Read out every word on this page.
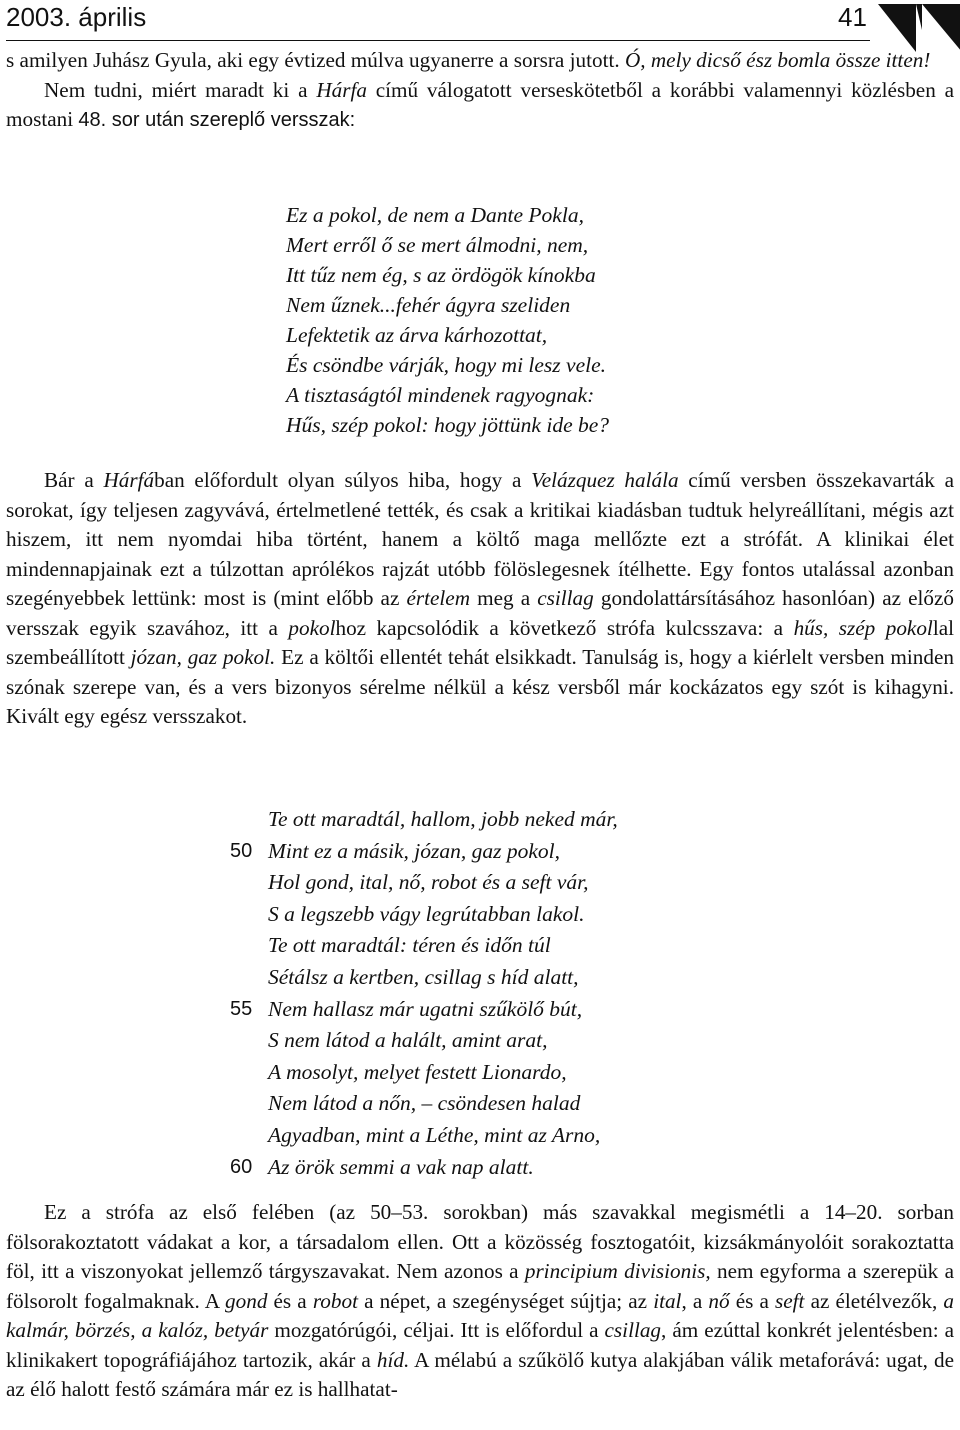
2003. április	41

s amilyen Juhász Gyula, aki egy évtized múlva ugyanerre a sorsra jutott. Ó, mely dicső ész bomla össze itten!

Nem tudni, miért maradt ki a Hárfa című válogatott verseskötetből a korábbi valamennyi közlésben a mostani 48. sor után szereplő versszak:

Ez a pokol, de nem a Dante Pokla,
Mert erről ő se mert álmodni, nem,
Itt tűz nem ég, s az ördögök kínokba
Nem űznek...fehér ágyra szeliden
Lefektetik az árva kárhozottat,
És csöndbe várják, hogy mi lesz vele.
A tisztaságtól mindenek ragyognak:
Hűs, szép pokol: hogy jöttünk ide be?

Bár a Hárfában előfordult olyan súlyos hiba, hogy a Velázquez halála című versben összekavarták a sorokat, így teljesen zagyvává, értelmetlené tették, és csak a kritikai kiadásban tudtuk helyreállítani, mégis azt hiszem, itt nem nyomdai hiba történt, hanem a költő maga mellőzte ezt a strófát. A klinikai élet mindennapjainak ezt a túlzottan aprólékos rajzát utóbb fölöslegesnek ítélhette. Egy fontos utalással azonban szegényebbek lettünk: most is (mint előbb az értelem meg a csillag gondolattársításához hasonlóan) az előző versszak egyik szavához, itt a pokolhoz kapcsolódik a következő strófa kulcsszava: a hűs, szép pokollal szembeállított józan, gaz pokol. Ez a költői ellentét tehát elsikkadt. Tanulság is, hogy a kiérlelt versben minden szónak szerepe van, és a vers bizonyos sérelme nélkül a kész versből már kockázatos egy szót is kihagyni. Kivált egy egész versszakot.

Te ott maradtál, hallom, jobb neked már,
50 Mint ez a másik, józan, gaz pokol,
Hol gond, ital, nő, robot és a seft vár,
S a legszebb vágy legrútabban lakol.
Te ott maradtál: téren és időn túl
Sétálsz a kertben, csillag s híd alatt,
55 Nem hallasz már ugatni szűkölő bút,
S nem látod a halált, amint arat,
A mosolyt, melyet festett Lionardo,
Nem látod a nőn, – csöndesen halad
Agyadban, mint a Léthe, mint az Arno,
60 Az örök semmi a vak nap alatt.

Ez a strófa az első felében (az 50–53. sorokban) más szavakkal megismétli a 14–20. sorban fölsorakoztatott vádakat a kor, a társadalom ellen. Ott a közösség fosztogatóit, kizsákmányolóit sorakoztatta föl, itt a viszonyokat jellemző tárgyszavakat. Nem azonos a principium divisionis, nem egyforma a szerepük a fölsorolt fogalmaknak. A gond és a robot a népet, a szegénységet sújtja; az ital, a nő és a seft az életélvezők, a kalmár, börzés, a kalóz, betyár mozgatórúgói, céljai. Itt is előfordul a csillag, ám ezúttal konkrét jelentésben: a klinikakert topográfiájához tartozik, akár a híd. A mélabú a szűkölő kutya alakjában válik metaforává: ugat, de az élő halott festő számára már ez is hallhatat-
